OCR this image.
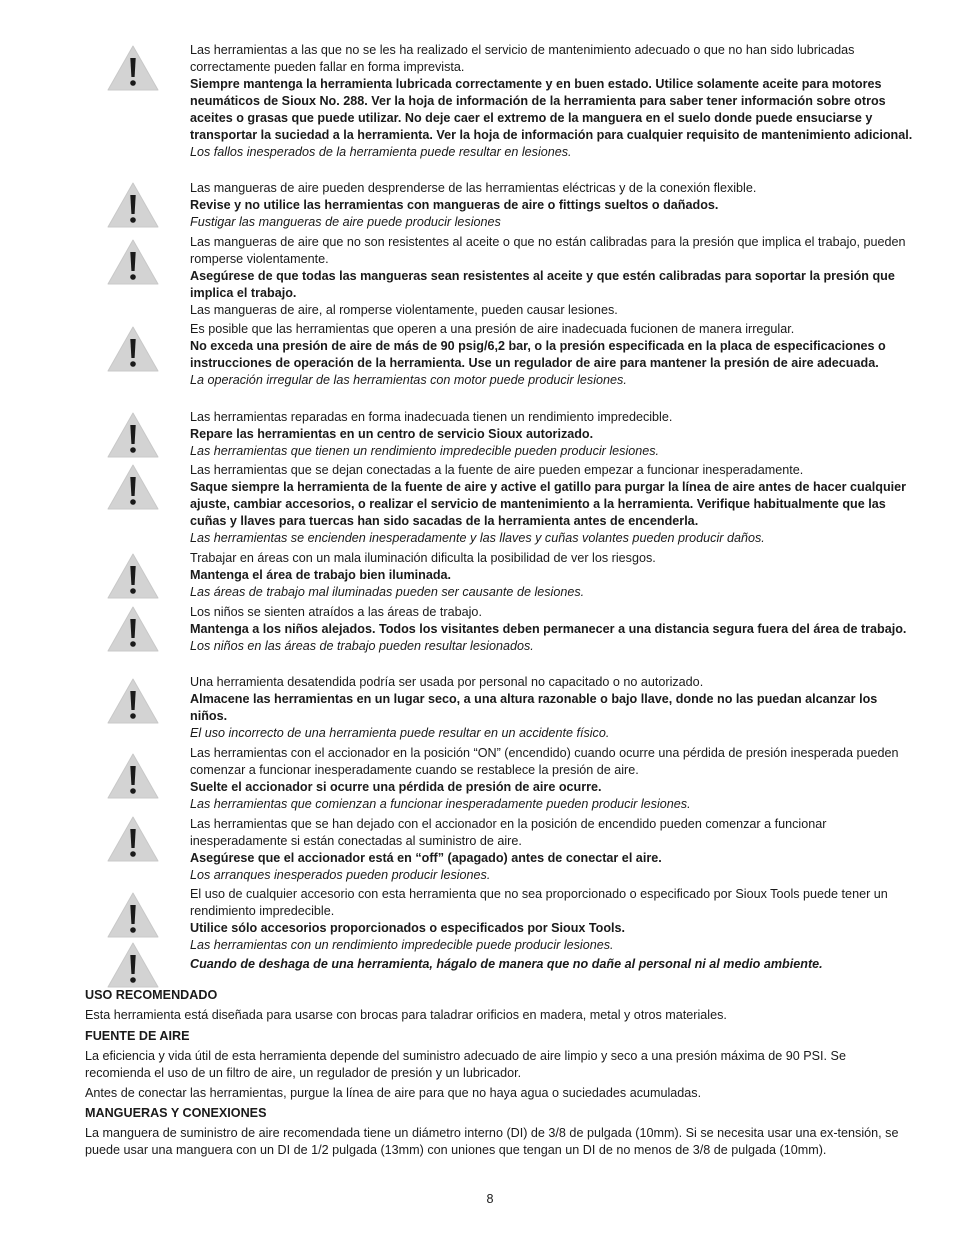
Las herramientas a las que no se les ha realizado el servicio de mantenimiento adecuado o que no han sido lubricadas correctamente pueden fallar en forma imprevista.

Siempre mantenga la herramienta lubricada correctamente y en buen estado. Utilice solamente aceite para motores neumáticos de Sioux No. 288. Ver la hoja de información de la herramienta para saber tener información sobre otros aceites o grasas que puede utilizar. No deje caer el extremo de la manguera en el suelo donde puede ensuciarse y transportar la suciedad a la herramienta. Ver la hoja de información para cualquier requisito de mantenimiento adicional.

Los fallos inesperados de la herramienta puede resultar en lesiones.

Las mangueras de aire pueden desprenderse de las herramientas eléctricas y de la conexión flexible.

Revise y no utilice las herramientas con mangueras de aire o fittings sueltos o dañados.

Fustigar las mangueras de aire puede producir lesiones

Las mangueras de aire que no son resistentes al aceite o que no están calibradas para la presión que implica el trabajo, pueden romperse violentamente.

Asegúrese de que todas las mangueras sean resistentes al aceite y que estén calibradas para soportar la presión que implica el trabajo.

Las mangueras de aire, al romperse violentamente, pueden causar lesiones.

Es posible que las herramientas que operen a una presión de aire inadecuada fucionen de manera irregular.

No exceda una presión de aire de más de 90 psig/6,2 bar, o la presión especificada en la placa de especificaciones o instrucciones de operación de la herramienta. Use un regulador de aire para mantener la presión de aire adecuada.

La operación irregular de las herramientas con motor puede producir lesiones.

Las herramientas reparadas en forma inadecuada tienen un rendimiento impredecible.

Repare las herramientas en un centro de servicio Sioux autorizado.

Las herramientas que tienen un rendimiento impredecible pueden producir lesiones.

Las herramientas que se dejan conectadas a la fuente de aire pueden empezar a funcionar inesperadamente.

Saque siempre la herramienta de la fuente de aire y active el gatillo para purgar la línea de aire antes de hacer cualquier ajuste, cambiar accesorios, o realizar el servicio de mantenimiento a la herramienta. Verifique habitualmente que las cuñas y llaves para tuercas han sido sacadas de la herramienta antes de encenderla.

Las herramientas se encienden inesperadamente y las llaves y cuñas volantes pueden producir daños.

Trabajar en áreas con un mala iluminación dificulta la posibilidad de ver los riesgos.

Mantenga el área de trabajo bien iluminada.

Las áreas de trabajo mal iluminadas pueden ser causante de lesiones.

Los niños se sienten atraídos a las áreas de trabajo.

Mantenga a los niños alejados. Todos los visitantes deben permanecer a una distancia segura fuera del área de trabajo.

Los niños en las áreas de trabajo pueden resultar lesionados.

Una herramienta desatendida podría ser usada por personal no capacitado o no autorizado.

Almacene las herramientas en un lugar seco, a una altura razonable o bajo llave, donde no las puedan alcanzar los niños.

El uso incorrecto de una herramienta puede resultar en un accidente físico.

Las herramientas con el accionador en la posición “ON” (encendido) cuando ocurre una pérdida de presión inesperada pueden comenzar a funcionar inesperadamente cuando se restablece la presión de aire.

Suelte el accionador si ocurre una pérdida de presión de aire ocurre.

Las herramientas que comienzan a funcionar inesperadamente pueden producir lesiones.

Las herramientas que se han dejado con el accionador en la posición de encendido pueden comenzar a funcionar inesperadamente si están conectadas al suministro de aire.

Asegúrese que el accionador está en “off” (apagado) antes de conectar el aire.

Los arranques inesperados pueden producir lesiones.

El uso de cualquier accesorio con esta herramienta que no sea proporcionado o especificado por Sioux Tools puede tener un rendimiento impredecible.

Utilice sólo accesorios proporcionados o especificados por Sioux Tools.

Las herramientas con un rendimiento impredecible puede producir lesiones.

Cuando de deshaga de una herramienta, hágalo de manera que no dañe al personal ni al medio ambiente.

USO RECOMENDADO
Esta herramienta está diseñada para usarse con brocas para taladrar orificios en madera, metal y otros materiales.
FUENTE DE AIRE
La eficiencia y vida útil de esta herramienta depende del suministro adecuado de aire limpio y seco a una presión máxima de 90 PSI. Se recomienda el uso de un filtro de aire, un regulador de presión y un lubricador.
Antes de conectar las herramientas, purgue la línea de aire para que no haya agua o suciedades acumuladas.
MANGUERAS Y CONEXIONES
La manguera de suministro de aire recomendada tiene un diámetro interno (DI) de 3/8 de pulgada (10mm). Si se necesita usar una ex-tensión, se puede usar una manguera con un DI de 1/2 pulgada (13mm) con uniones que tengan un DI de no menos de 3/8 de pulgada (10mm).
8
